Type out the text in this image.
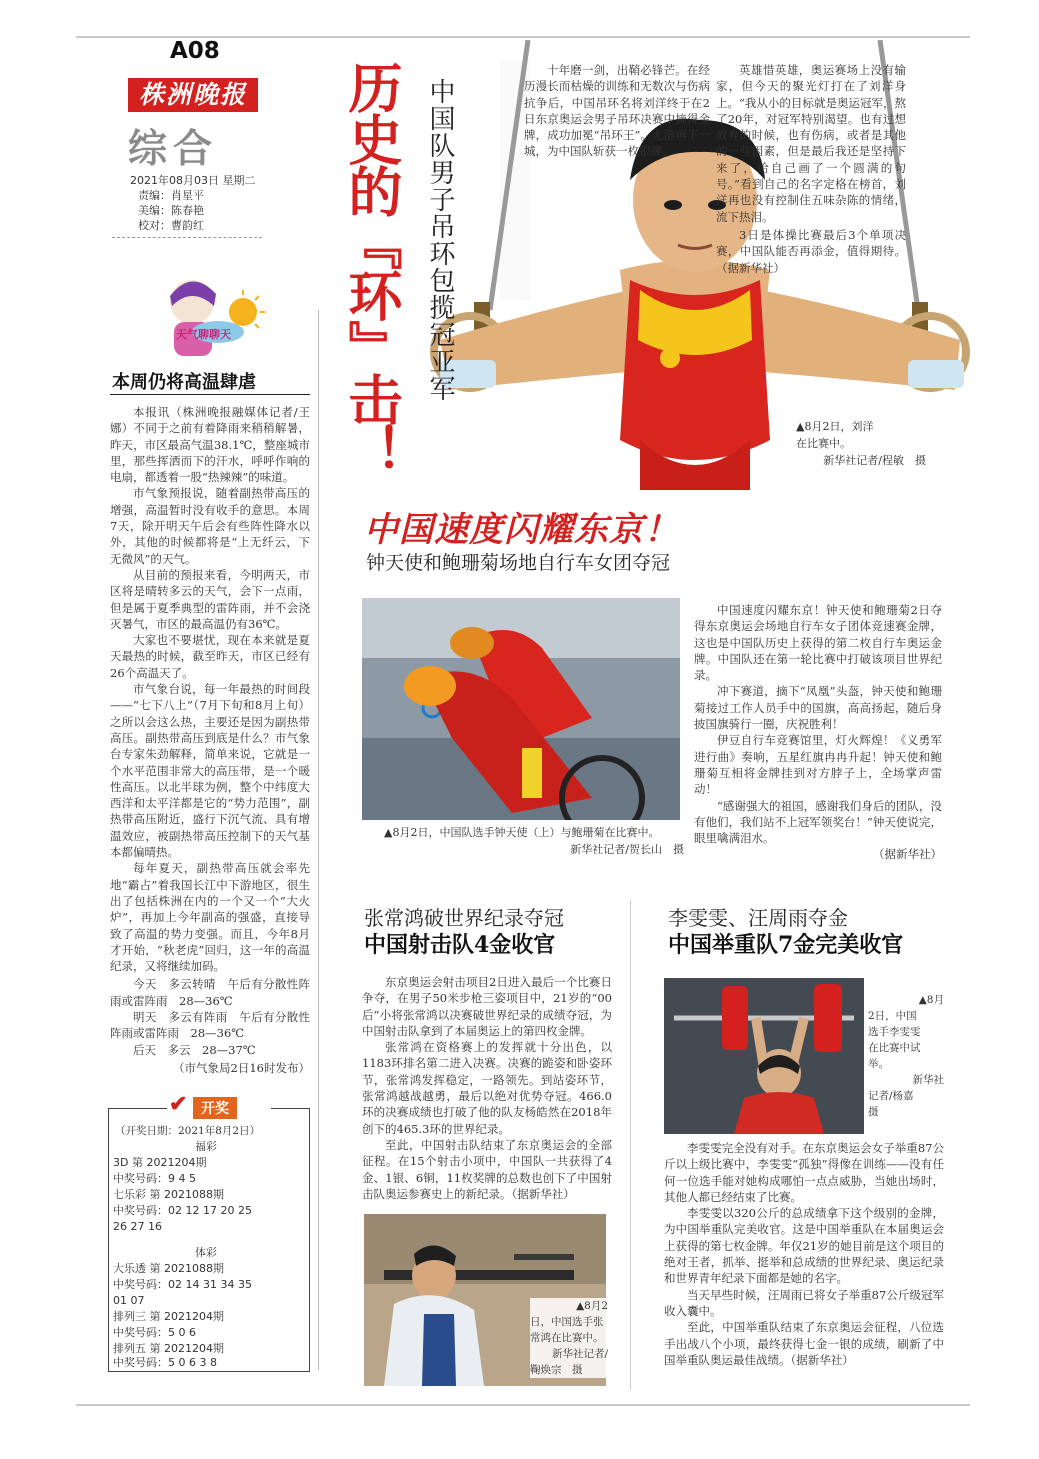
A08
株洲晚报
综合
2021年08月03日 星期二
责编：肖星平
美编：陈春艳
校对：曹韵红
天气聊聊天
本周仍将高温肆虐

本报讯（株洲晚报融媒体记者/王娜）不同于之前有着降雨来稍稍解暑，昨天，市区最高气温38.1℃，整座城市里，那些挥洒而下的汗水，呼呼作响的电扇，都透着一股“热辣辣”的味道。

市气象预报说，随着副热带高压的增强，高温暂时没有收手的意思。本周7天，除开明天午后会有些阵性降水以外，其他的时候都将是“上无纤云，下无微风”的天气。

从目前的预报来看，今明两天，市区将是晴转多云的天气，会下一点雨，但是属于夏季典型的雷阵雨，并不会浇灭暑气，市区的最高温仍有36℃。

大家也不要堪忧，现在本来就是夏天最热的时候，截至昨天，市区已经有26个高温天了。

市气象台说，每一年最热的时间段——“七下八上”（7月下旬和8月上旬）之所以会这么热，主要还是因为副热带高压。副热带高压到底是什么？市气象台专家朱劲解释，简单来说，它就是一个水平范围非常大的高压带，是一个暖性高压。以北半球为例，整个中纬度大西洋和太平洋都是它的“势力范围”，副热带高压附近，盛行下沉气流、具有增温效应，被副热带高压控制下的天气基本都偏晴热。

每年夏天，副热带高压就会率先地“霸占”着我国长江中下游地区，很生出了包括株洲在内的一个又一个“大火炉”，再加上今年副高的强盛，直接导致了高温的势力变强。而且，今年8月才开始，“秋老虎”回归，这一年的高温纪录，又将继续加码。

今天　多云转晴　午后有分散性阵雨或雷阵雨　28—36℃

明天　多云有阵雨　午后有分散性阵雨或雷阵雨　28—36℃

后天　多云　28—37℃

（市气象局2日16时发布）

✔ 开奖
（开奖日期：2021年8月2日）
福彩
3D 第 2021204期
中奖号码：9 4 5
七乐彩 第 2021088期
中奖号码：02 12 17 20 25
26 27 16
体彩
大乐透 第 2021088期
中奖号码：02 14 31 34 35
01 07
排列三 第 2021204期
中奖号码：5 0 6
排列五 第 2021204期
中奖号码：5 0 6 3 8
中国队男子吊环包揽冠亚军
历史的『环』击！	十年磨一剑，出鞘必锋芒。在经历漫长而枯燥的训练和无数次与伤病抗争后，中国吊环名将刘洋终于在2日东京奥运会男子吊环决赛中摘得金牌，成功加冕“吊环王”。尤浩再下一城，为中国队斩获一枚银牌。

英雄惜英雄，奥运赛场上没有输家，但今天的聚光灯打在了刘洋身上。“我从小的目标就是奥运冠军，熬了20年，对冠军特别渴望。也有过想放弃的时候，也有伤病，或者是其他的一些因素，但是最后我还是坚持下来了，给自己画了一个圆满的句号。”看到自己的名字定格在榜首，刘洋再也没有控制住五味杂陈的情绪，流下热泪。

3日是体操比赛最后3个单项决赛，中国队能否再添金，值得期待。（据新华社）

▲8月2日，刘洋
在比赛中。
新华社记者/程敏　摄
中国速度闪耀东京！
钟天使和鲍珊菊场地自行车女团夺冠
▲8月2日，中国队选手钟天使（上）与鲍珊菊在比赛中。
新华社记者/贺长山　摄

中国速度闪耀东京！钟天使和鲍珊菊2日夺得东京奥运会场地自行车女子团体竞速赛金牌，这也是中国队历史上获得的第二枚自行车奥运金牌。中国队还在第一轮比赛中打破该项目世界纪录。

冲下赛道，摘下“凤凰”头盔，钟天使和鲍珊菊接过工作人员手中的国旗，高高扬起，随后身披国旗骑行一圈，庆祝胜利！

伊豆自行车竞赛馆里，灯火辉煌！《义勇军进行曲》奏响，五星红旗冉冉升起！钟天使和鲍珊菊互相将金牌挂到对方脖子上，全场掌声雷动！

“感谢强大的祖国，感谢我们身后的团队，没有他们，我们站不上冠军领奖台！”钟天使说完，眼里噙满泪水。

（据新华社）

张常鸿破世界纪录夺冠
中国射击队4金收官

东京奥运会射击项目2日进入最后一个比赛日争夺，在男子50米步枪三姿项目中，21岁的“00后”小将张常鸿以决赛破世界纪录的成绩夺冠，为中国射击队拿到了本届奥运上的第四枚金牌。

张常鸿在资格赛上的发挥就十分出色，以1183环排名第二进入决赛。决赛的跪姿和卧姿环节，张常鸿发挥稳定，一路领先。到站姿环节，张常鸿越战越勇，最后以绝对优势夺冠。466.0环的决赛成绩也打破了他的队友杨皓然在2018年创下的465.3环的世界纪录。

至此，中国射击队结束了东京奥运会的全部征程。在15个射击小项中，中国队一共获得了4金、1银、6铜，11枚奖牌的总数也创下了中国射击队奥运参赛史上的新纪录。（据新华社）

▲8月2
日，中国选手张
常鸿在比赛中。
新华社记者/
鞠焕宗　摄
李雯雯、汪周雨夺金
中国举重队7金完美收官
▲8月
2日，中国
选手李雯雯
在比赛中试
举。
新华社
记者/杨嘉
摄

李雯雯完全没有对手。在东京奥运会女子举重87公斤以上级比赛中，李雯雯“孤独”得像在训练——没有任何一位选手能对她构成哪怕一点点威胁，当她出场时，其他人都已经结束了比赛。

李雯雯以320公斤的总成绩拿下这个级别的金牌，为中国举重队完美收官。这是中国举重队在本届奥运会上获得的第七枚金牌。年仅21岁的她目前是这个项目的绝对王者，抓举、挺举和总成绩的世界纪录、奥运纪录和世界青年纪录下面都是她的名字。

当天早些时候，汪周雨已将女子举重87公斤级冠军收入囊中。

至此，中国举重队结束了东京奥运会征程，八位选手出战八个小项，最终获得七金一银的成绩，刷新了中国举重队奥运最佳战绩。（据新华社）
